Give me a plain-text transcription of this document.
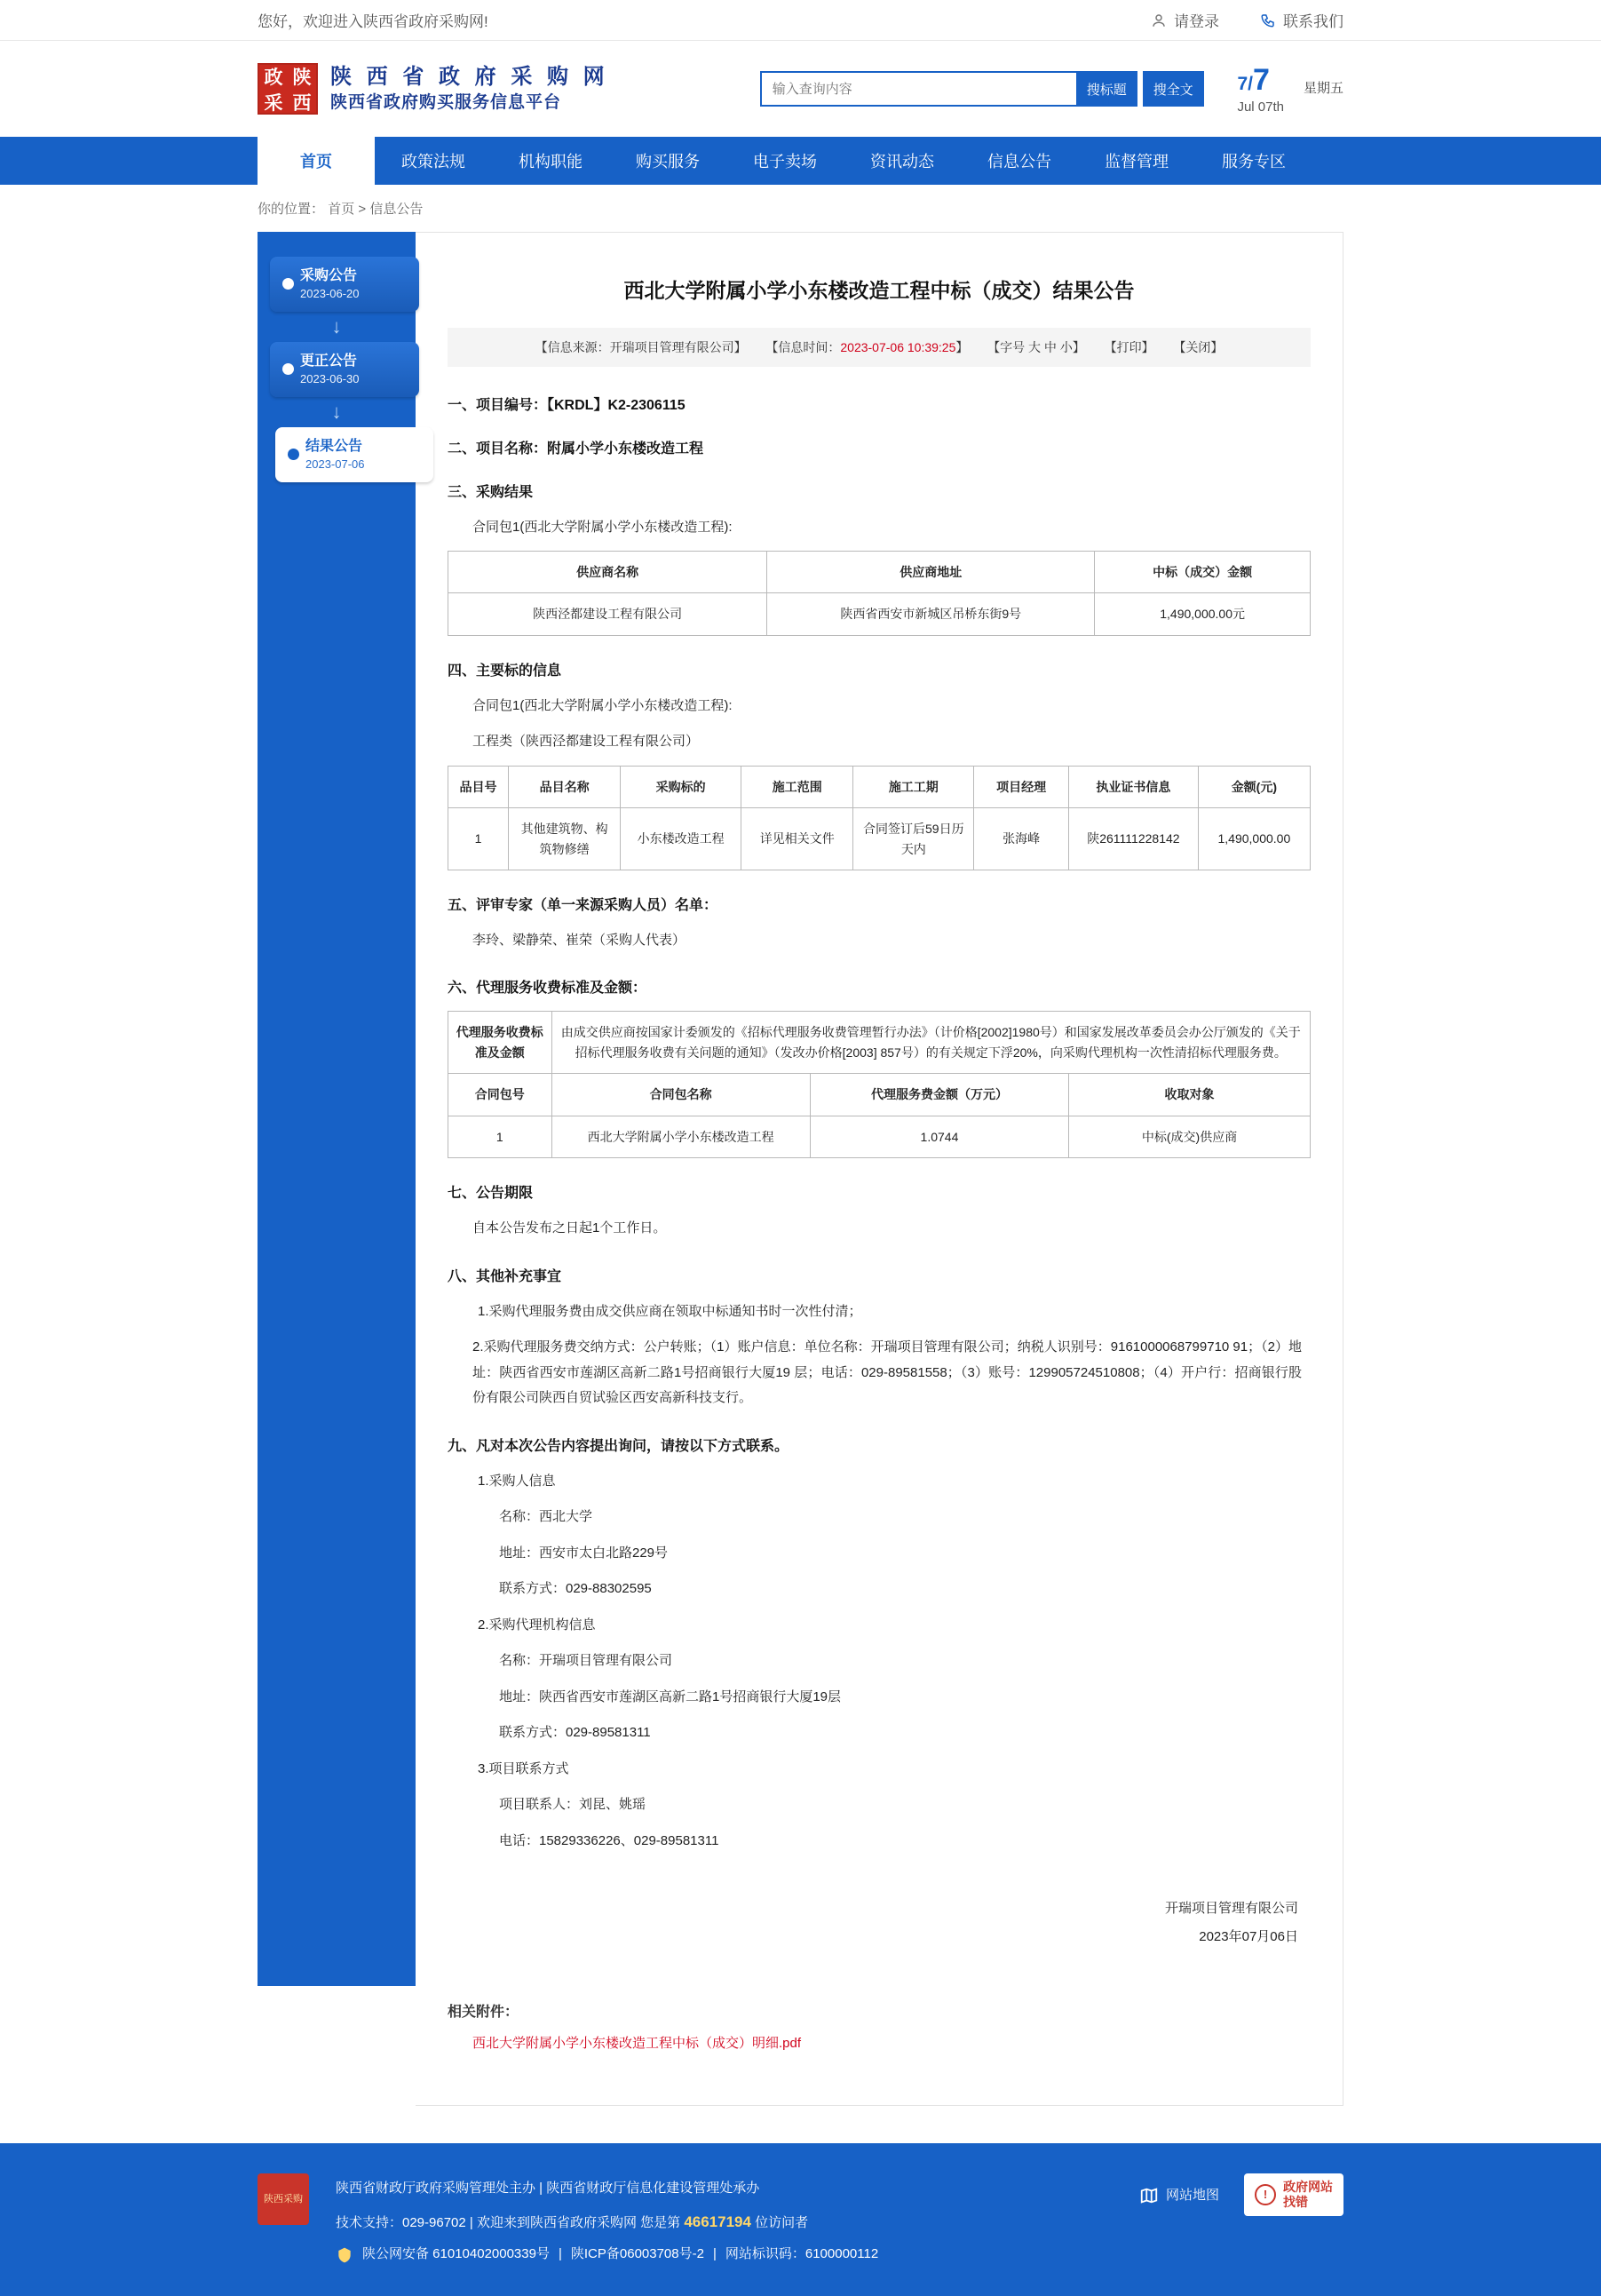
您好，欢迎进入陕西省政府采购网!	请登录	联系我们
政 陕
采 西
陕 西 省 政 府 采 购 网
陕西省政府购买服务信息平台
输入查询内容
搜标题	搜全文	7/7
Jul 07th
星期五
首页	政策法规	机构职能	购买服务	电子卖场	资讯动态	信息公告	监督管理	服务专区
你的位置： 首页 > 信息公告
采购公告
2023-06-20
↓
更正公告
2023-06-30
↓
结果公告
2023-07-06
西北大学附属小学小东楼改造工程中标（成交）结果公告
【信息来源：开瑞项目管理有限公司】 【信息时间：2023-07-06 10:39:25】 【字号 大 中 小】 【打印】 【关闭】
一、项目编号：【KRDL】K2-2306115
二、项目名称：附属小学小东楼改造工程
三、采购结果
合同包1(西北大学附属小学小东楼改造工程):
供应商名称	供应商地址	中标（成交）金额
陕西泾都建设工程有限公司	陕西省西安市新城区吊桥东街9号	1,490,000.00元
四、主要标的信息
合同包1(西北大学附属小学小东楼改造工程):
工程类（陕西泾都建设工程有限公司）
品目号	品目名称	采购标的	施工范围	施工工期	项目经理	执业证书信息	金额(元)
1	其他建筑物、构筑物修缮	小东楼改造工程	详见相关文件	合同签订后59日历天内	张海峰	陕261111228142	1,490,000.00
五、评审专家（单一来源采购人员）名单：
李玲、梁静荣、崔荣（采购人代表）
六、代理服务收费标准及金额：
代理服务收费标准及金额	由成交供应商按国家计委颁发的《招标代理服务收费管理暂行办法》（计价格[2002]1980号）和国家发展改革委员会办公厅颁发的《关于招标代理服务收费有关问题的通知》（发改办价格[2003] 857号）的有关规定下浮20%，向采购代理机构一次性清招标代理服务费。		
合同包号	合同包名称	代理服务费金额（万元）	收取对象
1	西北大学附属小学小东楼改造工程	1.0744	中标(成交)供应商
七、公告期限
自本公告发布之日起1个工作日。
八、其他补充事宜
1.采购代理服务费由成交供应商在领取中标通知书时一次性付清；
2.采购代理服务费交纳方式：公户转账；（1）账户信息：单位名称：开瑞项目管理有限公司；纳税人识别号：9161000068799710 91；（2）地址：陕西省西安市莲湖区高新二路1号招商银行大厦19 层；电话：029-89581558；（3）账号：129905724510808；（4）开户行：招商银行股份有限公司陕西自贸试验区西安高新科技支行。
九、凡对本次公告内容提出询问，请按以下方式联系。
1.采购人信息
名称：西北大学
地址：西安市太白北路229号
联系方式：029-88302595
2.采购代理机构信息
名称：开瑞项目管理有限公司
地址：陕西省西安市莲湖区高新二路1号招商银行大厦19层
联系方式：029-89581311
3.项目联系方式
项目联系人：刘昆、姚瑶
电话：15829336226、029-89581311
开瑞项目管理有限公司
2023年07月06日
相关附件：
西北大学附属小学小东楼改造工程中标（成交）明细.pdf
陕西采购
陕西省财政厅政府采购管理处主办 | 陕西省财政厅信息化建设管理处承办
技术支持：029-96702 | 欢迎来到陕西省政府采购网 您是第 46617194 位访问者
陕公网安备 61010402000339号 | 陕ICP备06003708号-2 | 网站标识码：6100000112
网站地图	!
政府网站
找错
